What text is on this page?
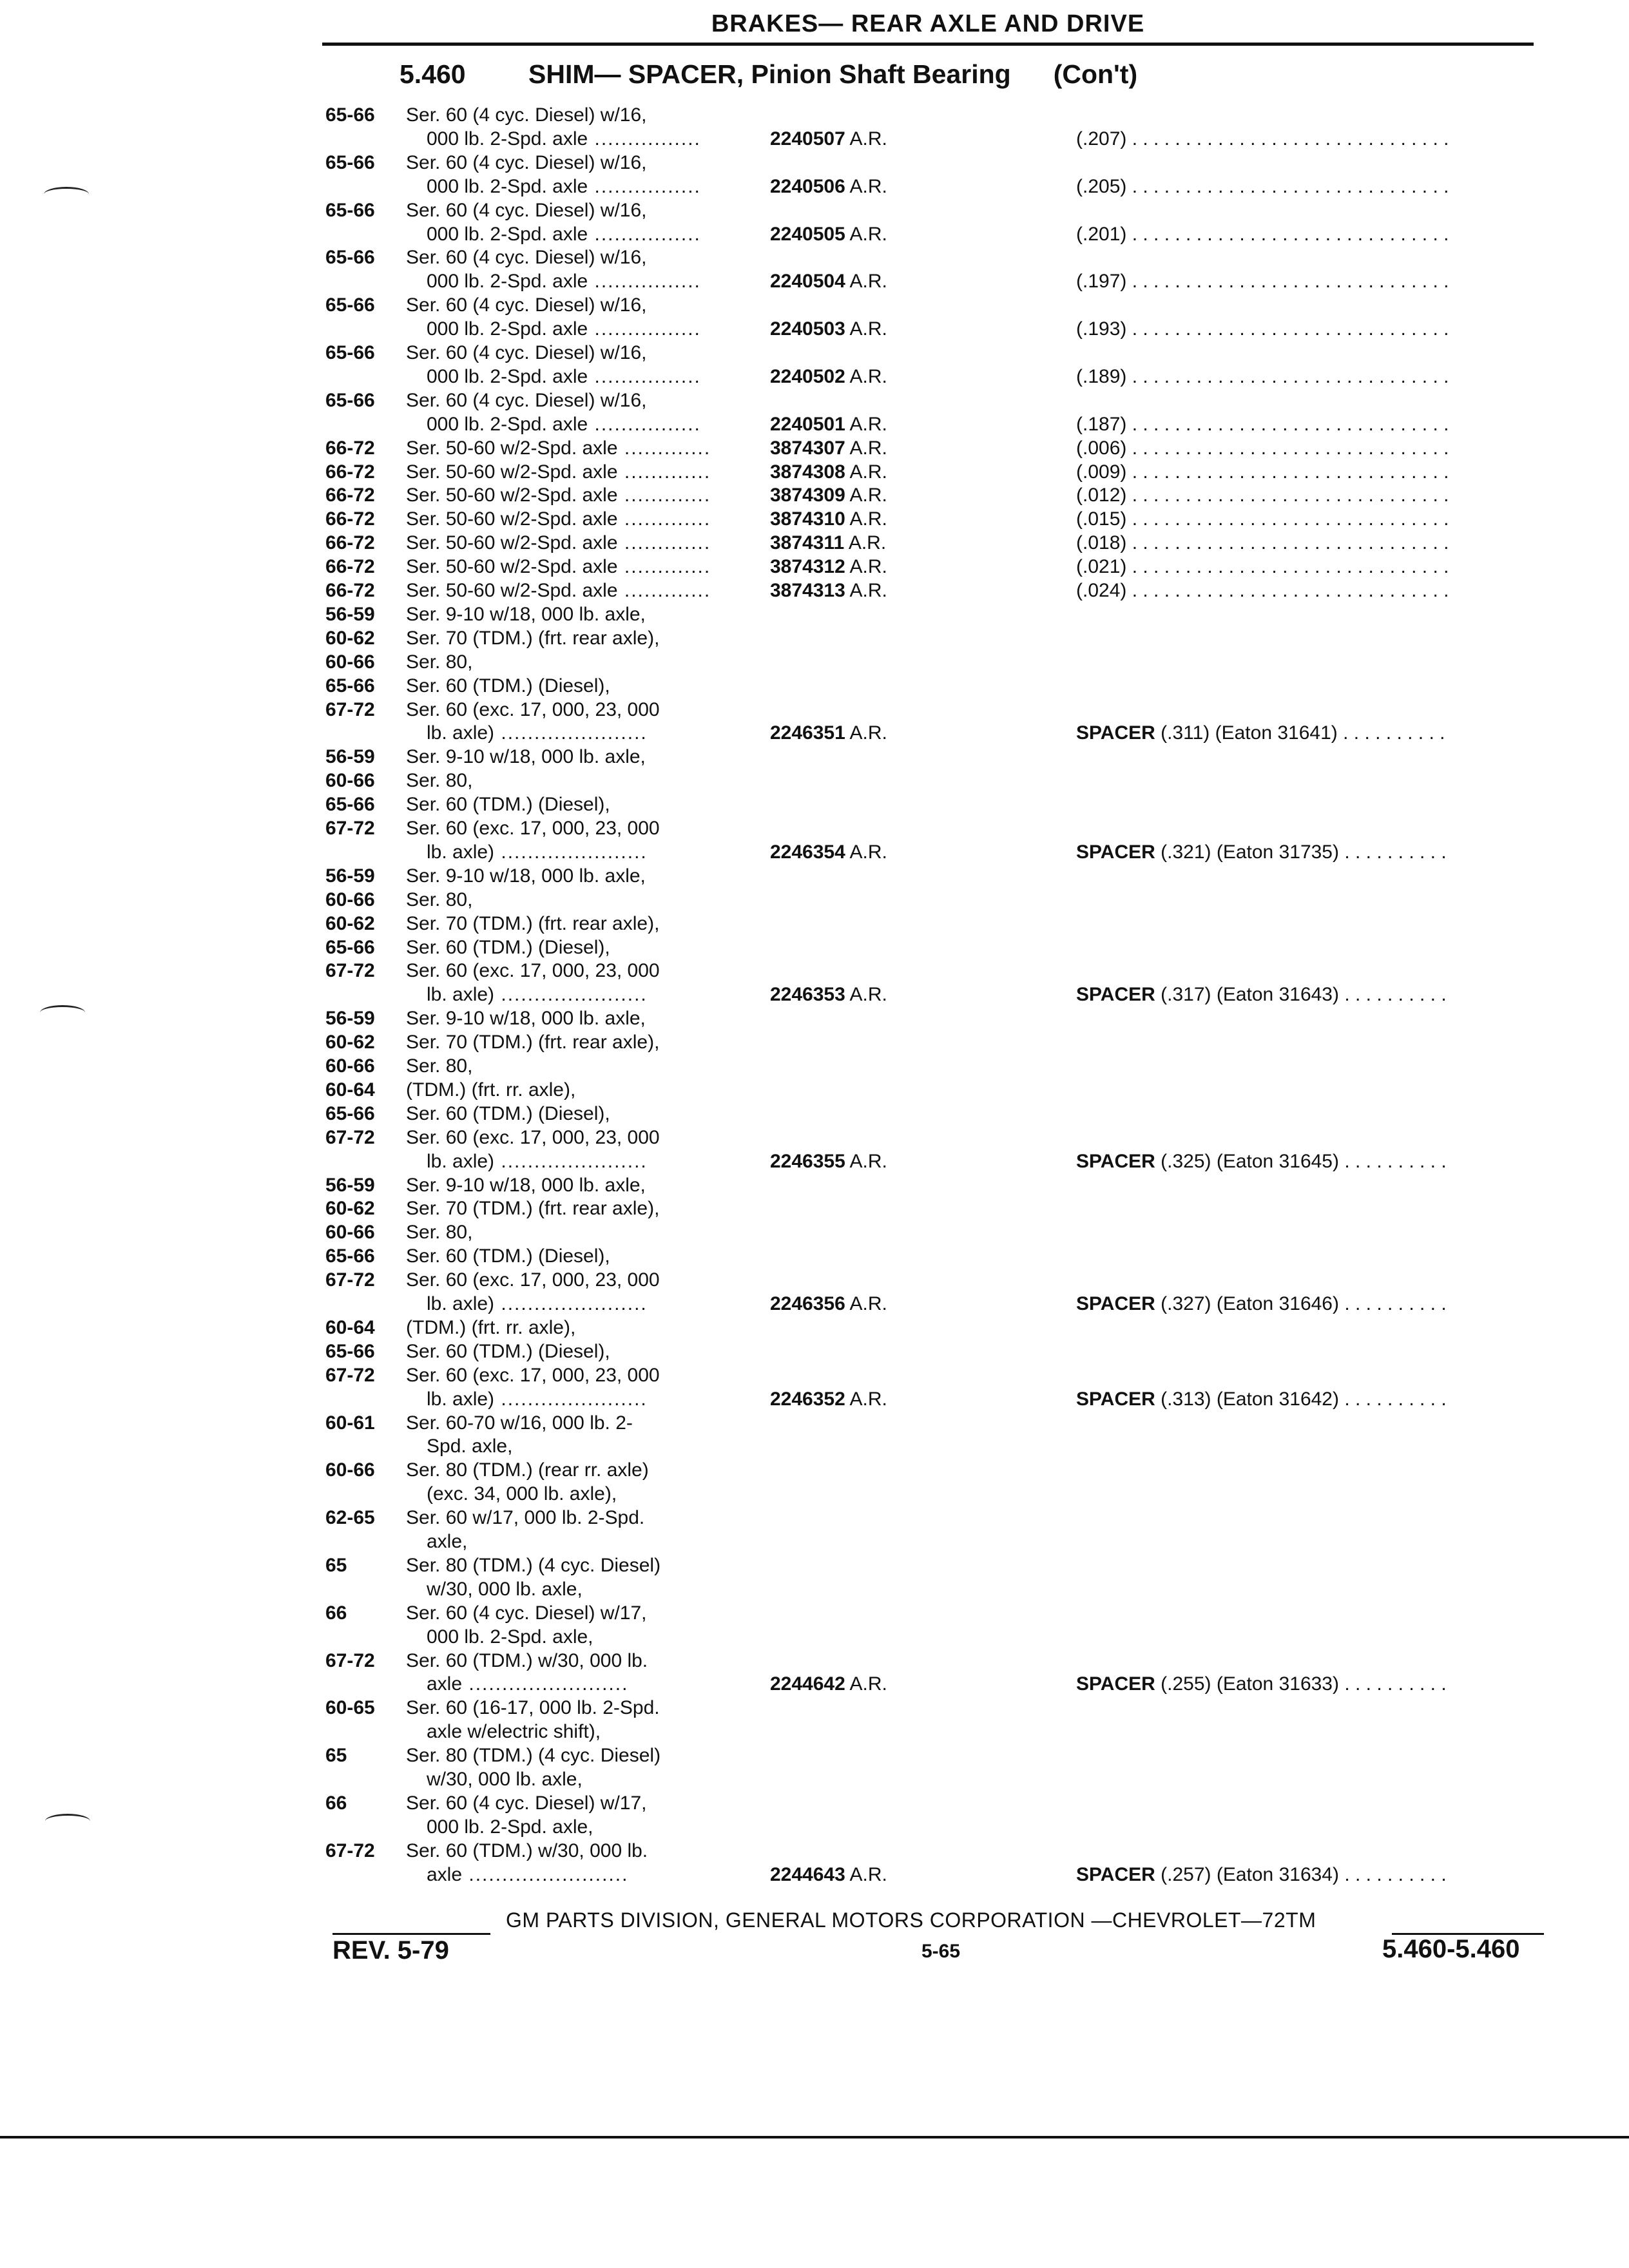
BRAKES— REAR AXLE AND DRIVE
5.460 SHIM— SPACER, Pinion Shaft Bearing (Con't)
65-66 Ser. 60 (4 cyc. Diesel) w/16,
000 lb. 2-Spd. axle ................	2240507 A.R.	(.207) . . . . . . . . . . . . . . . . . . . . . . . . . . . . . .
65-66 Ser. 60 (4 cyc. Diesel) w/16,
000 lb. 2-Spd. axle ................	2240506 A.R.	(.205) . . . . . . . . . . . . . . . . . . . . . . . . . . . . . .
65-66 Ser. 60 (4 cyc. Diesel) w/16,
000 lb. 2-Spd. axle ................	2240505 A.R.	(.201) . . . . . . . . . . . . . . . . . . . . . . . . . . . . . .
65-66 Ser. 60 (4 cyc. Diesel) w/16,
000 lb. 2-Spd. axle ................	2240504 A.R.	(.197) . . . . . . . . . . . . . . . . . . . . . . . . . . . . . .
65-66 Ser. 60 (4 cyc. Diesel) w/16,
000 lb. 2-Spd. axle ................	2240503 A.R.	(.193) . . . . . . . . . . . . . . . . . . . . . . . . . . . . . .
65-66 Ser. 60 (4 cyc. Diesel) w/16,
000 lb. 2-Spd. axle ................	2240502 A.R.	(.189) . . . . . . . . . . . . . . . . . . . . . . . . . . . . . .
65-66 Ser. 60 (4 cyc. Diesel) w/16,
000 lb. 2-Spd. axle ................	2240501 A.R.	(.187) . . . . . . . . . . . . . . . . . . . . . . . . . . . . . .
66-72 Ser. 50-60 w/2-Spd. axle .............	3874307 A.R.	(.006) . . . . . . . . . . . . . . . . . . . . . . . . . . . . . .
66-72 Ser. 50-60 w/2-Spd. axle .............	3874308 A.R.	(.009) . . . . . . . . . . . . . . . . . . . . . . . . . . . . . .
66-72 Ser. 50-60 w/2-Spd. axle .............	3874309 A.R.	(.012) . . . . . . . . . . . . . . . . . . . . . . . . . . . . . .
66-72 Ser. 50-60 w/2-Spd. axle .............	3874310 A.R.	(.015) . . . . . . . . . . . . . . . . . . . . . . . . . . . . . .
66-72 Ser. 50-60 w/2-Spd. axle .............	3874311 A.R.	(.018) . . . . . . . . . . . . . . . . . . . . . . . . . . . . . .
66-72 Ser. 50-60 w/2-Spd. axle .............	3874312 A.R.	(.021) . . . . . . . . . . . . . . . . . . . . . . . . . . . . . .
66-72 Ser. 50-60 w/2-Spd. axle .............	3874313 A.R.	(.024) . . . . . . . . . . . . . . . . . . . . . . . . . . . . . .
56-59 Ser. 9-10 w/18, 000 lb. axle,
60-62 Ser. 70 (TDM.) (frt. rear axle),
60-66 Ser. 80,
65-66 Ser. 60 (TDM.) (Diesel),
67-72 Ser. 60 (exc. 17, 000, 23, 000
lb. axle) ......................	2246351 A.R.	SPACER (.311) (Eaton 31641) . . . . . . . . . .
56-59 Ser. 9-10 w/18, 000 lb. axle,
60-66 Ser. 80,
65-66 Ser. 60 (TDM.) (Diesel),
67-72 Ser. 60 (exc. 17, 000, 23, 000
lb. axle) ......................	2246354 A.R.	SPACER (.321) (Eaton 31735) . . . . . . . . . .
56-59 Ser. 9-10 w/18, 000 lb. axle,
60-66 Ser. 80,
60-62 Ser. 70 (TDM.) (frt. rear axle),
65-66 Ser. 60 (TDM.) (Diesel),
67-72 Ser. 60 (exc. 17, 000, 23, 000
lb. axle) ......................	2246353 A.R.	SPACER (.317) (Eaton 31643) . . . . . . . . . .
56-59 Ser. 9-10 w/18, 000 lb. axle,
60-62 Ser. 70 (TDM.) (frt. rear axle),
60-66 Ser. 80,
60-64 (TDM.) (frt. rr. axle),
65-66 Ser. 60 (TDM.) (Diesel),
67-72 Ser. 60 (exc. 17, 000, 23, 000
lb. axle) ......................	2246355 A.R.	SPACER (.325) (Eaton 31645) . . . . . . . . . .
56-59 Ser. 9-10 w/18, 000 lb. axle,
60-62 Ser. 70 (TDM.) (frt. rear axle),
60-66 Ser. 80,
65-66 Ser. 60 (TDM.) (Diesel),
67-72 Ser. 60 (exc. 17, 000, 23, 000
lb. axle) ......................	2246356 A.R.	SPACER (.327) (Eaton 31646) . . . . . . . . . .
60-64 (TDM.) (frt. rr. axle),
65-66 Ser. 60 (TDM.) (Diesel),
67-72 Ser. 60 (exc. 17, 000, 23, 000
lb. axle) ......................	2246352 A.R.	SPACER (.313) (Eaton 31642) . . . . . . . . . .
60-61 Ser. 60-70 w/16, 000 lb. 2-
Spd. axle,
60-66 Ser. 80 (TDM.) (rear rr. axle)
(exc. 34, 000 lb. axle),
62-65 Ser. 60 w/17, 000 lb. 2-Spd.
axle,
65	Ser. 80 (TDM.) (4 cyc. Diesel)
w/30, 000 lb. axle,
66	Ser. 60 (4 cyc. Diesel) w/17,
000 lb. 2-Spd. axle,
67-72 Ser. 60 (TDM.) w/30, 000 lb.
axle ........................	2244642 A.R.	SPACER (.255) (Eaton 31633) . . . . . . . . . .
60-65 Ser. 60 (16-17, 000 lb. 2-Spd.
axle w/electric shift),
65	Ser. 80 (TDM.) (4 cyc. Diesel)
w/30, 000 lb. axle,
66	Ser. 60 (4 cyc. Diesel) w/17,
000 lb. 2-Spd. axle,
67-72 Ser. 60 (TDM.) w/30, 000 lb.
axle ........................	2244643 A.R.	SPACER (.257) (Eaton 31634) . . . . . . . . . .
GM PARTS DIVISION, GENERAL MOTORS CORPORATION —CHEVROLET—72TM
REV. 5-79	5-65	5.460-5.460
